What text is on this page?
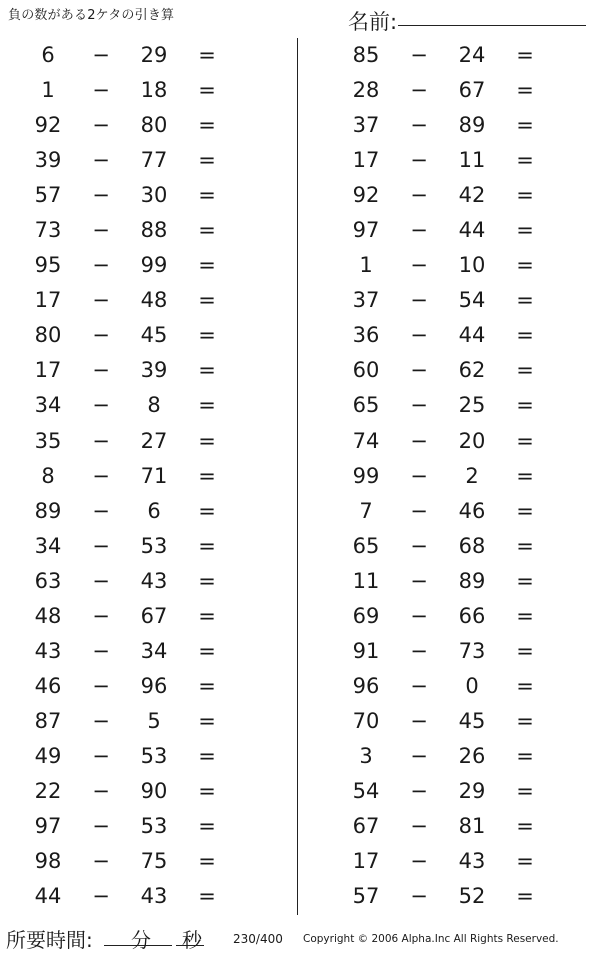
負の数がある2ケタの引き算	名前:
6	−	29	=
1	−	18	=
92	−	80	=
39	−	77	=
57	−	30	=
73	−	88	=
95	−	99	=
17	−	48	=
80	−	45	=
17	−	39	=
34	−	8	=
35	−	27	=
8	−	71	=
89	−	6	=
34	−	53	=
63	−	43	=
48	−	67	=
43	−	34	=
46	−	96	=
87	−	5	=
49	−	53	=
22	−	90	=
97	−	53	=
98	−	75	=
44	−	43	=
85	−	24	=
28	−	67	=
37	−	89	=
17	−	11	=
92	−	42	=
97	−	44	=
1	−	10	=
37	−	54	=
36	−	44	=
60	−	62	=
65	−	25	=
74	−	20	=
99	−	2	=
7	−	46	=
65	−	68	=
11	−	89	=
69	−	66	=
91	−	73	=
96	−	0	=
70	−	45	=
3	−	26	=
54	−	29	=
67	−	81	=
17	−	43	=
57	−	52	=
所要時間: 分 秒	230/400 Copyright © 2006 Alpha.Inc All Rights Reserved.
